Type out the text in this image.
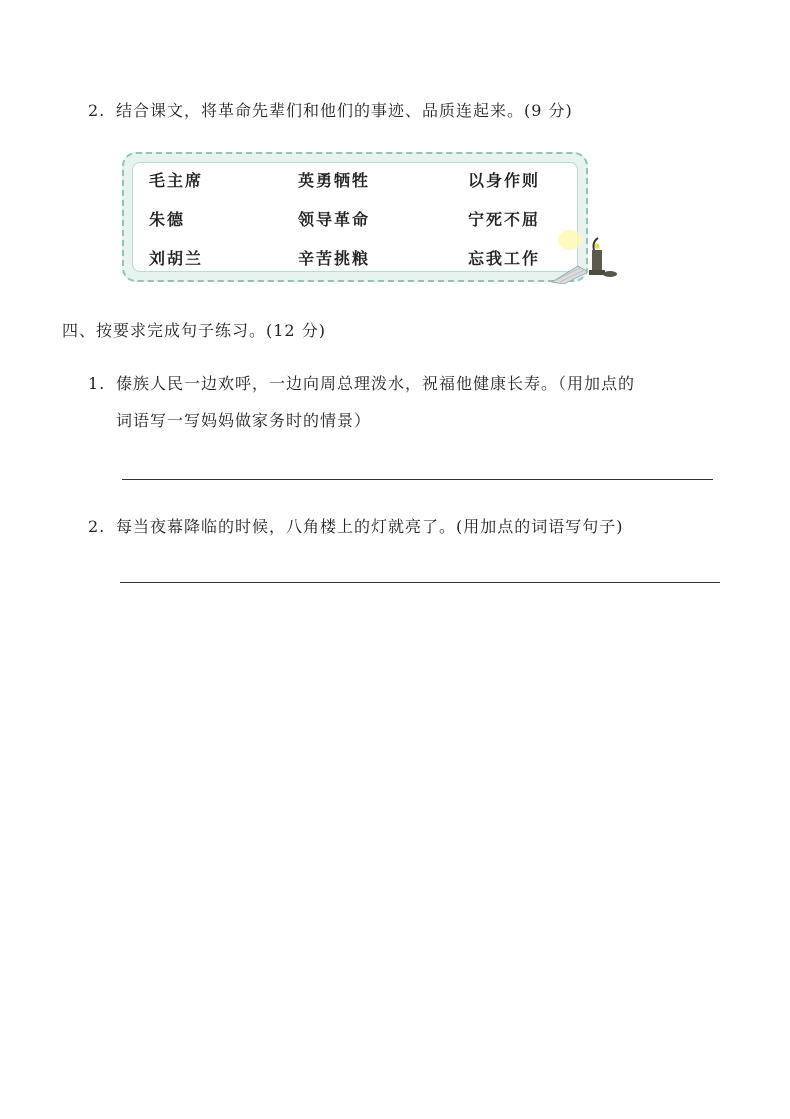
2. 结合课文，将革命先辈们和他们的事迹、品质连起来。(9 分)
毛主席
朱德
刘胡兰
英勇牺牲
领导革命
辛苦挑粮
以身作则
宁死不屈
忘我工作
四、按要求完成句子练习。(12 分)
1. 傣族人民一边欢呼，一边向周总理泼水，祝福他健康长寿。（用加点的
词语写一写妈妈做家务时的情景）
2. 每当夜幕降临的时候，八角楼上的灯就亮了。(用加点的词语写句子)
